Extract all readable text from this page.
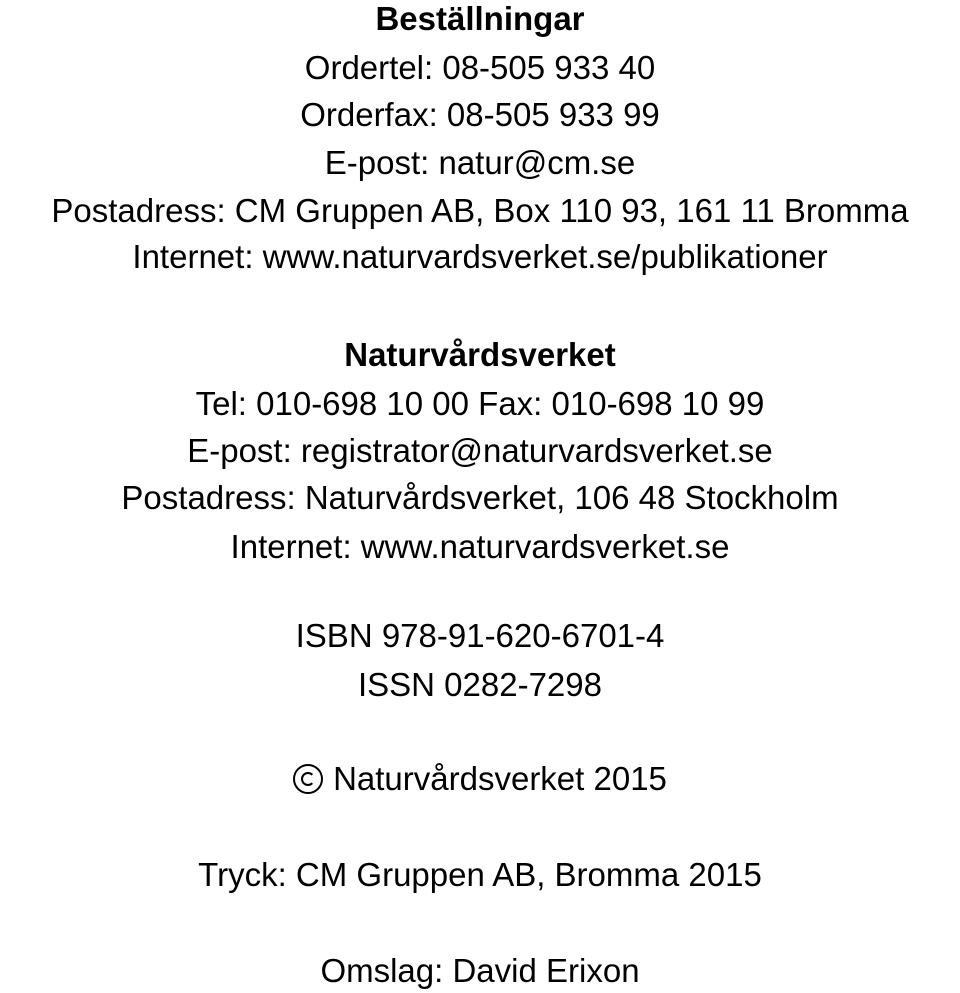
Beställningar
Ordertel: 08-505 933 40
Orderfax: 08-505 933 99
E-post: natur@cm.se
Postadress: CM Gruppen AB, Box 110 93, 161 11 Bromma
Internet: www.naturvardsverket.se/publikationer
Naturvårdsverket
Tel: 010-698 10 00 Fax: 010-698 10 99
E-post: registrator@naturvardsverket.se
Postadress: Naturvårdsverket, 106 48 Stockholm
Internet: www.naturvardsverket.se
ISBN 978-91-620-6701-4
ISSN 0282-7298
Naturvårdsverket 2015
Tryck: CM Gruppen AB, Bromma 2015
Omslag: David Erixon
